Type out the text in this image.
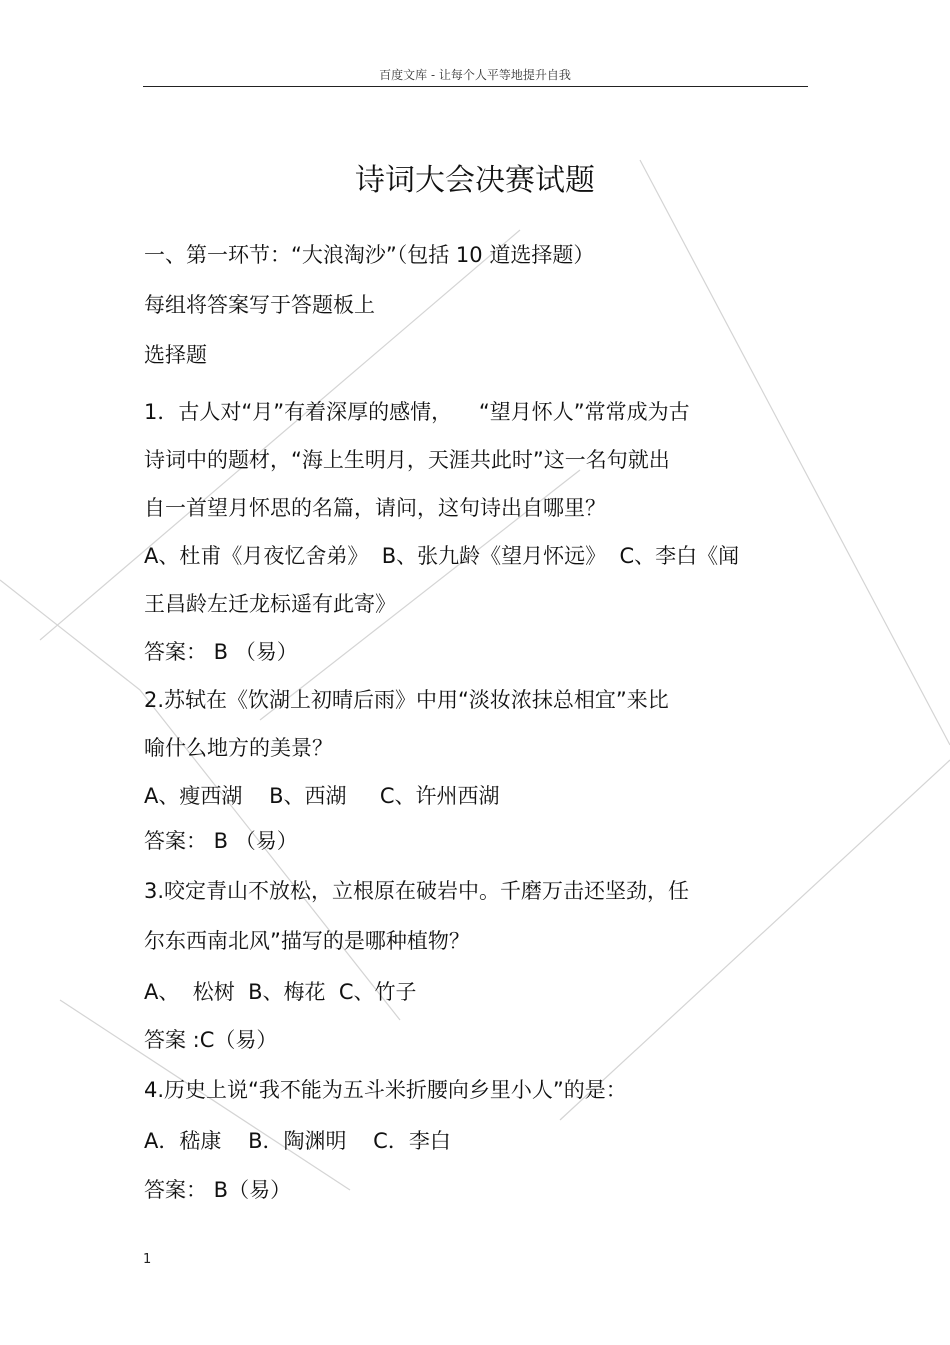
百度文库 - 让每个人平等地提升自我
诗词大会决赛试题
一、第一环节：“大浪淘沙”（包括 10 道选择题）
每组将答案写于答题板上
选择题
1．古人对“月”有着深厚的感情，    “望月怀人”常常成为古
诗词中的题材，“海上生明月，天涯共此时”这一名句就出
自一首望月怀思的名篇，请问，这句诗出自哪里？
A、杜甫《月夜忆舍弟》  B、张九龄《望月怀远》  C、李白《闻
王昌龄左迁龙标遥有此寄》
答案： B （易）
2.苏轼在《饮湖上初晴后雨》中用“淡妆浓抹总相宜”来比
喻什么地方的美景？
A、瘦西湖    B、西湖     C、许州西湖
答案： B （易）
3.咬定青山不放松，立根原在破岩中。千磨万击还坚劲，任
尔东西南北风”描写的是哪种植物？
A、  松树  B、梅花  C、竹子
答案 :C（易）
4.历史上说“我不能为五斗米折腰向乡里小人”的是：
A．嵇康    B．陶渊明    C．李白
答案： B（易）
1
